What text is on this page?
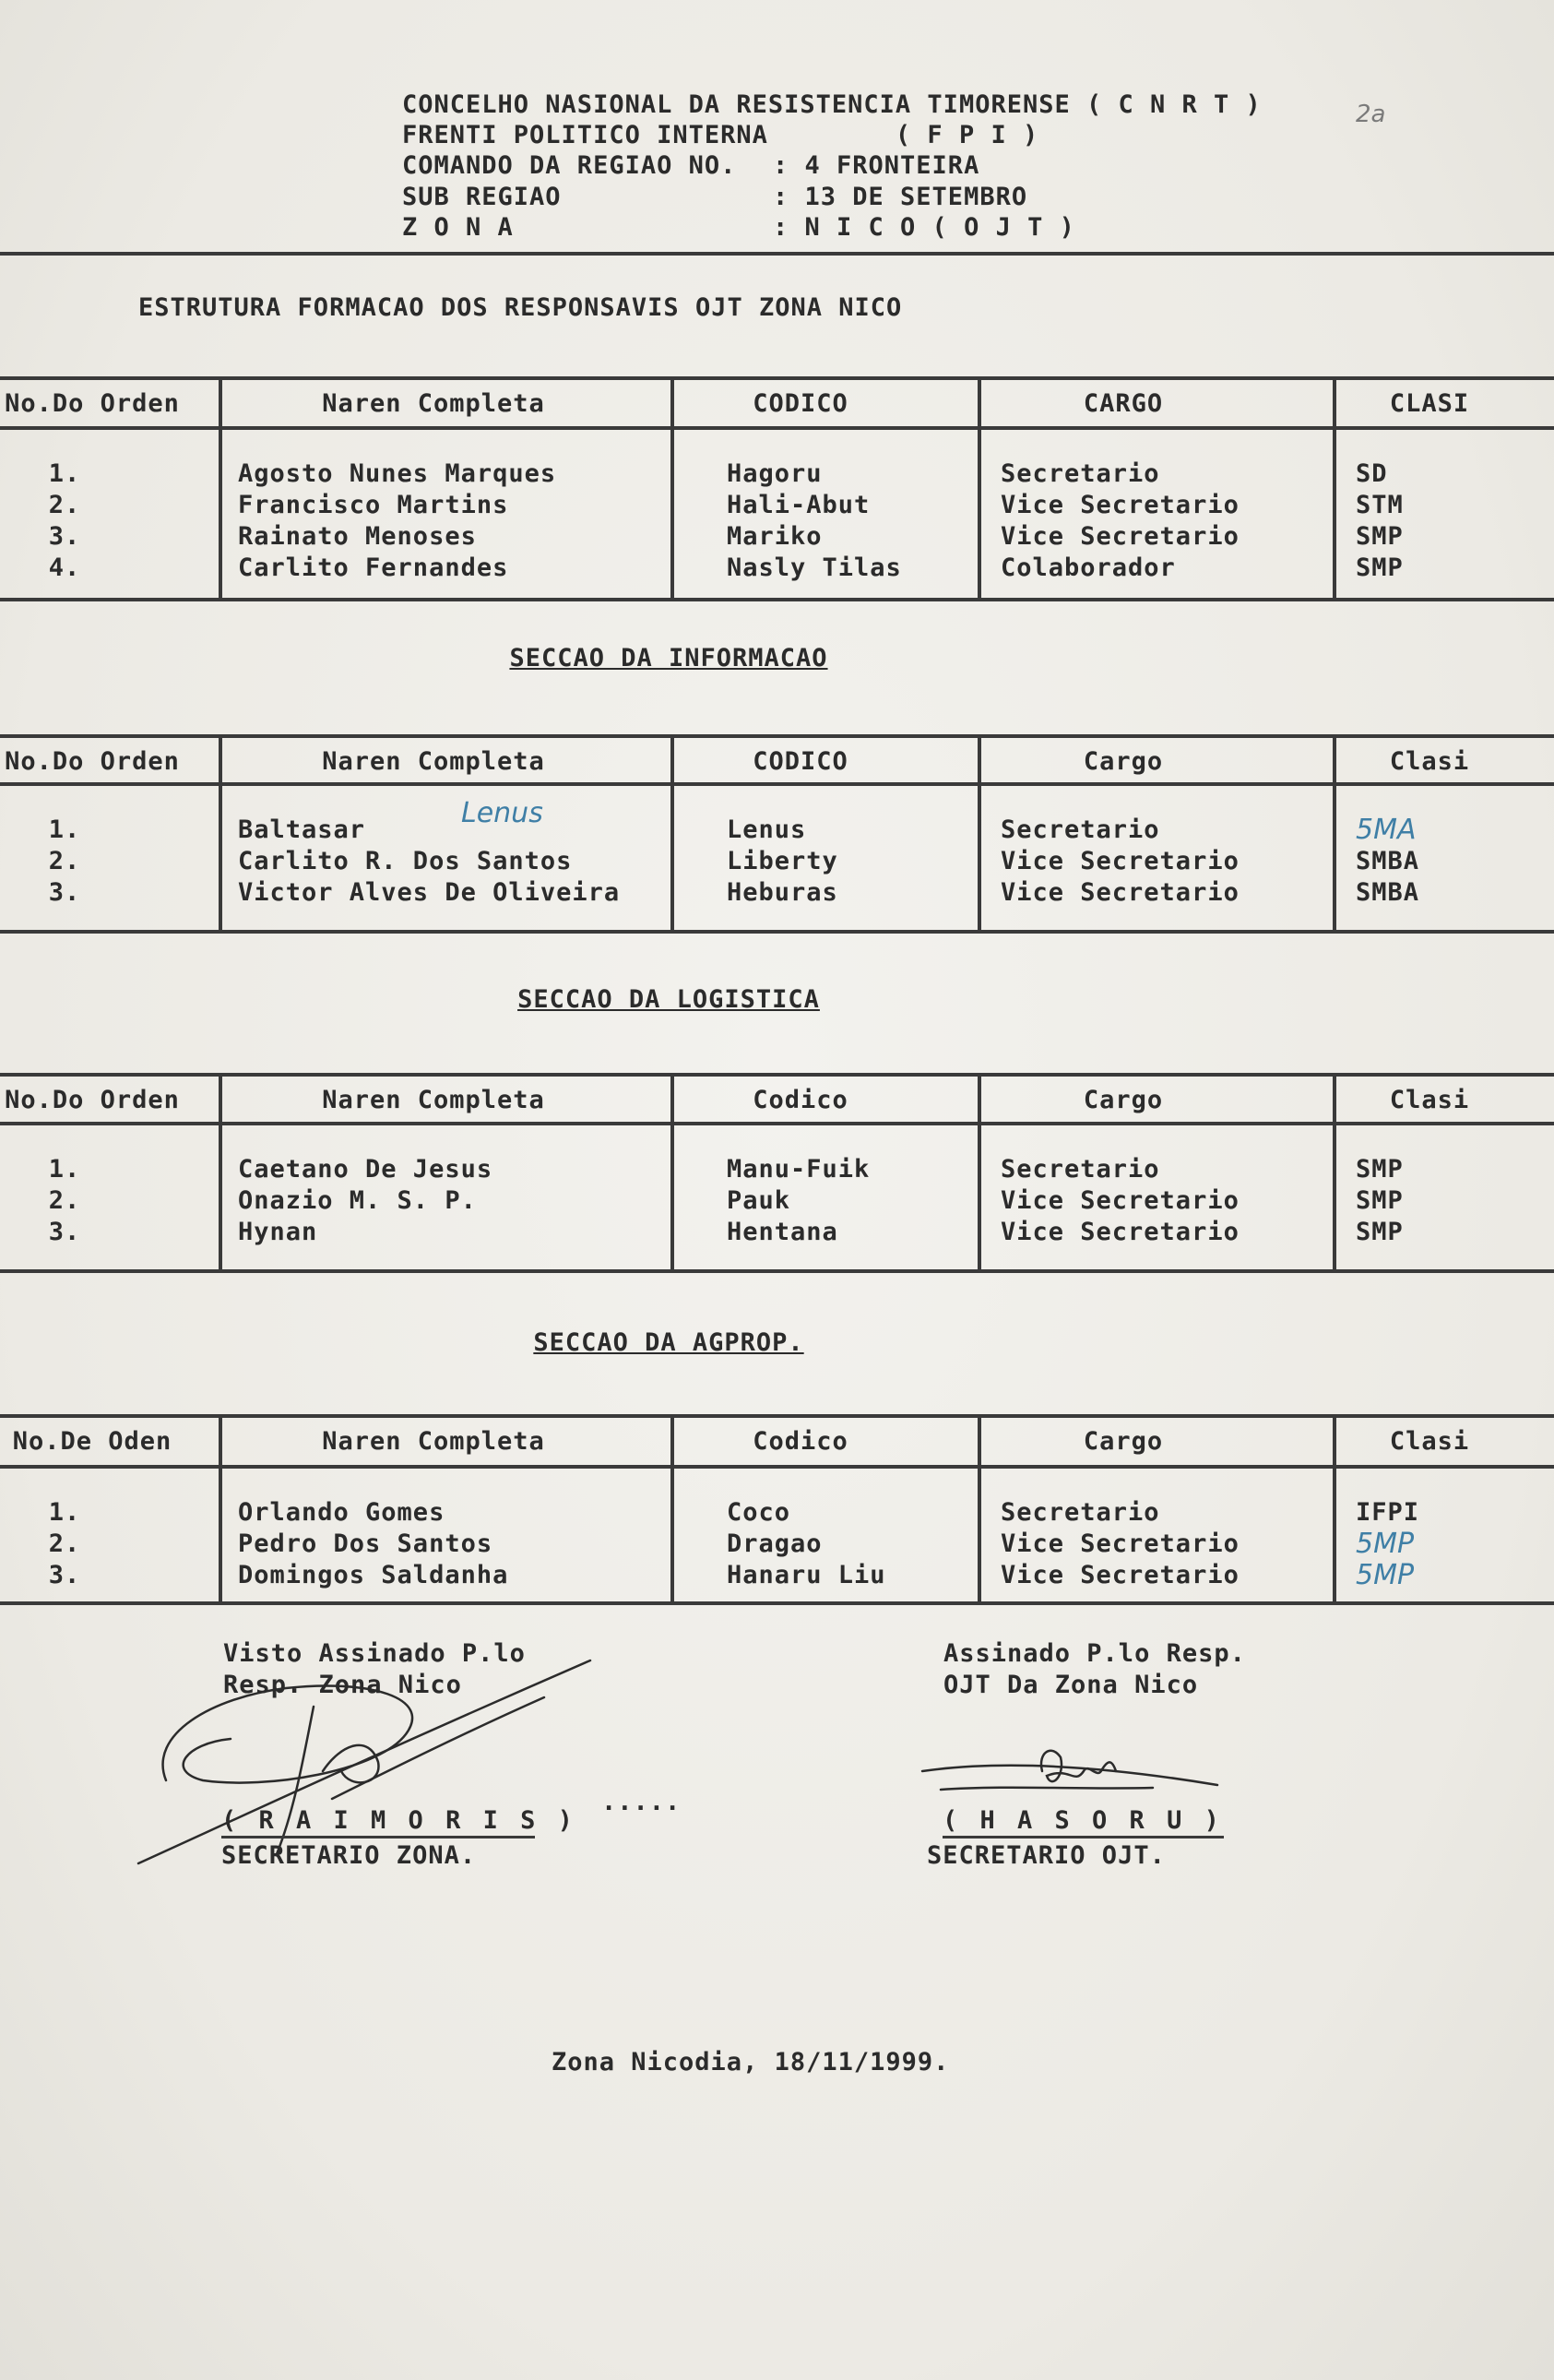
CONCELHO NASIONAL DA RESISTENCIA TIMORENSE ( C N R T )
FRENTI POLITICO INTERNA        ( F P I )
COMANDO DA REGIAO NO. : 4 FRONTEIRA
SUB REGIAO	: 13 DE SETEMBRO
Z O N A	: N I C O ( O J T )
2a
ESTRUTURA FORMACAO DOS RESPONSAVIS OJT ZONA NICO
No.Do Orden	Naren Completa	CODICO	CARGO	CLASI
1.	Agosto Nunes Marques	Hagoru	Secretario	SD
2.	Francisco Martins	Hali-Abut	Vice Secretario	STM
3.	Rainato Menoses	Mariko	Vice Secretario	SMP
4.	Carlito Fernandes	Nasly Tilas	Colaborador	SMP
SECCAO DA INFORMACAO
No.Do Orden	Naren Completa	CODICO	Cargo	Clasi
1.	Baltasar	Lenus	Secretario	5MA
2.	Carlito R. Dos Santos	Liberty	Vice Secretario	SMBA
3.	Victor Alves De Oliveira	Heburas	Vice Secretario	SMBA
SECCAO DA LOGISTICA
No.Do Orden	Naren Completa	Codico	Cargo	Clasi
1.	Caetano De Jesus	Manu-Fuik	Secretario	SMP
2.	Onazio M. S. P.	Pauk	Vice Secretario	SMP
3.	Hynan	Hentana	Vice Secretario	SMP
SECCAO DA AGPROP.
No.De Oden	Naren Completa	Codico	Cargo	Clasi
1.	Orlando Gomes	Coco	Secretario	IFPI
2.	Pedro Dos Santos	Dragao	Vice Secretario	5MP
3.	Domingos Saldanha	Hanaru Liu	Vice Secretario	5MP
Visto Assinado P.lo
Resp. Zona Nico
Assinado P.lo Resp.
OJT Da Zona Nico
( R A I M O R I S )
SECRETARIO ZONA.
.....
( H A S O R U )
SECRETARIO OJT.
Zona Nicodia, 18/11/1999.
Lenus
